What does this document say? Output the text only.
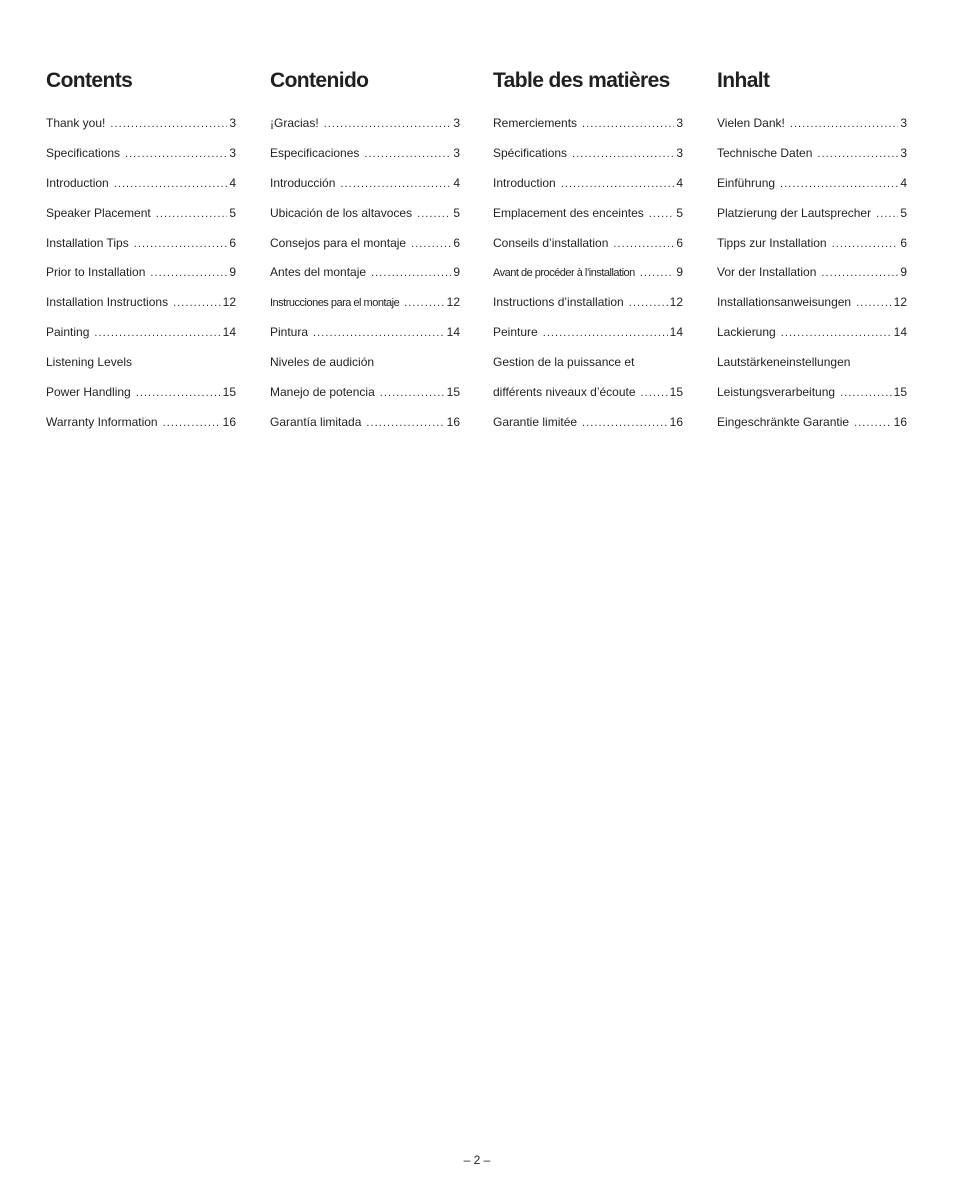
Contents
Thank you! . . .	3
Specifications . . .	3
Introduction . . .	4
Speaker Placement . . .	5
Installation Tips . . .	6
Prior to Installation . . .	9
Installation Instructions . . .	12
Painting . . .	14
Listening Levels
Power Handling . . .	15
Warranty Information . . .	16
Contenido
¡Gracias! . . .	3
Especificaciones . . .	3
Introducción . . .	4
Ubicación de los altavoces . . .	5
Consejos para el montaje . . .	6
Antes del montaje . . .	9
Instrucciones para el montaje . . .	12
Pintura . . .	14
Niveles de audición
Manejo de potencia . . .	15
Garantía limitada . . .	16
Table des matières
Remerciements . . .	3
Spécifications . . .	3
Introduction . . .	4
Emplacement des enceintes . . .	5
Conseils d’installation . . .	6
Avant de procéder à l’installation . . .	9
Instructions d’installation . . .	12
Peinture . . .	14
Gestion de la puissance et
différents niveaux d’écoute . . .	15
Garantie limitée . . .	16
Inhalt
Vielen Dank! . . .	3
Technische Daten . . .	3
Einführung . . .	4
Platzierung der Lautsprecher . . .	5
Tipps zur Installation . . .	6
Vor der Installation . . .	9
Installationsanweisungen . . .	12
Lackierung . . .	14
Lautstärkeneinstellungen
Leistungsverarbeitung . . .	15
Eingeschränkte Garantie . . .	16
– 2 –
